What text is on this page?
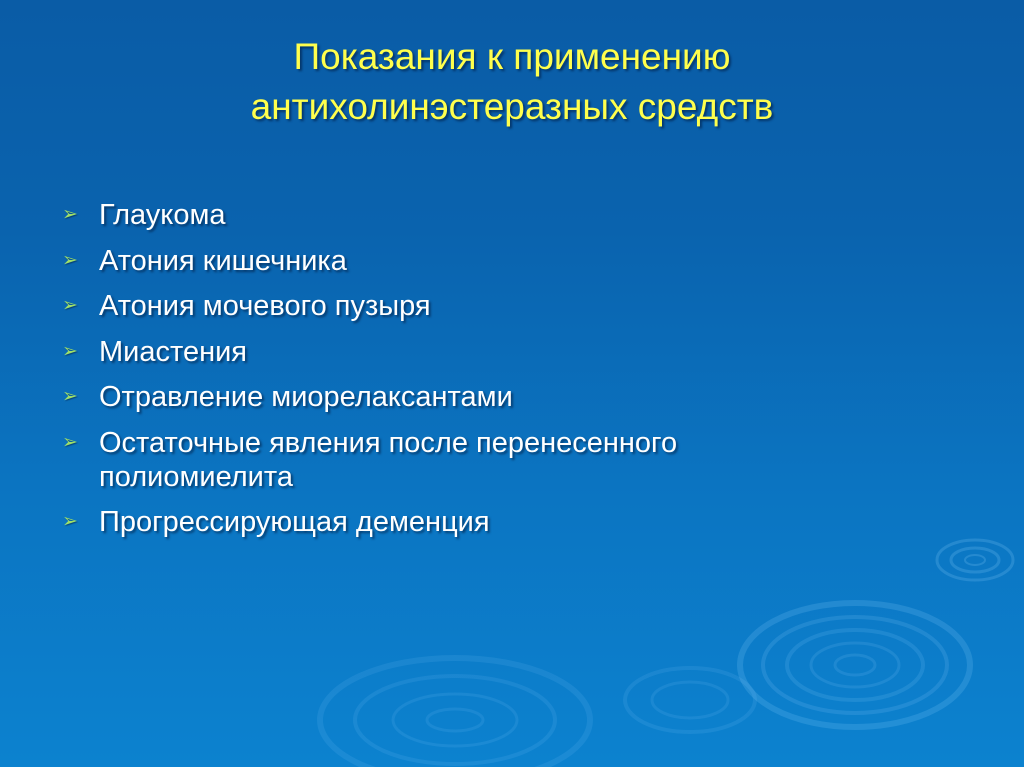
Показания к применению
антихолинэстеразных средств
➢ Глаукома
➢ Атония кишечника
➢ Атония мочевого пузыря
➢ Миастения
➢ Отравление миорелаксантами
➢ Остаточные явления после перенесенного полиомиелита
➢ Прогрессирующая деменция
